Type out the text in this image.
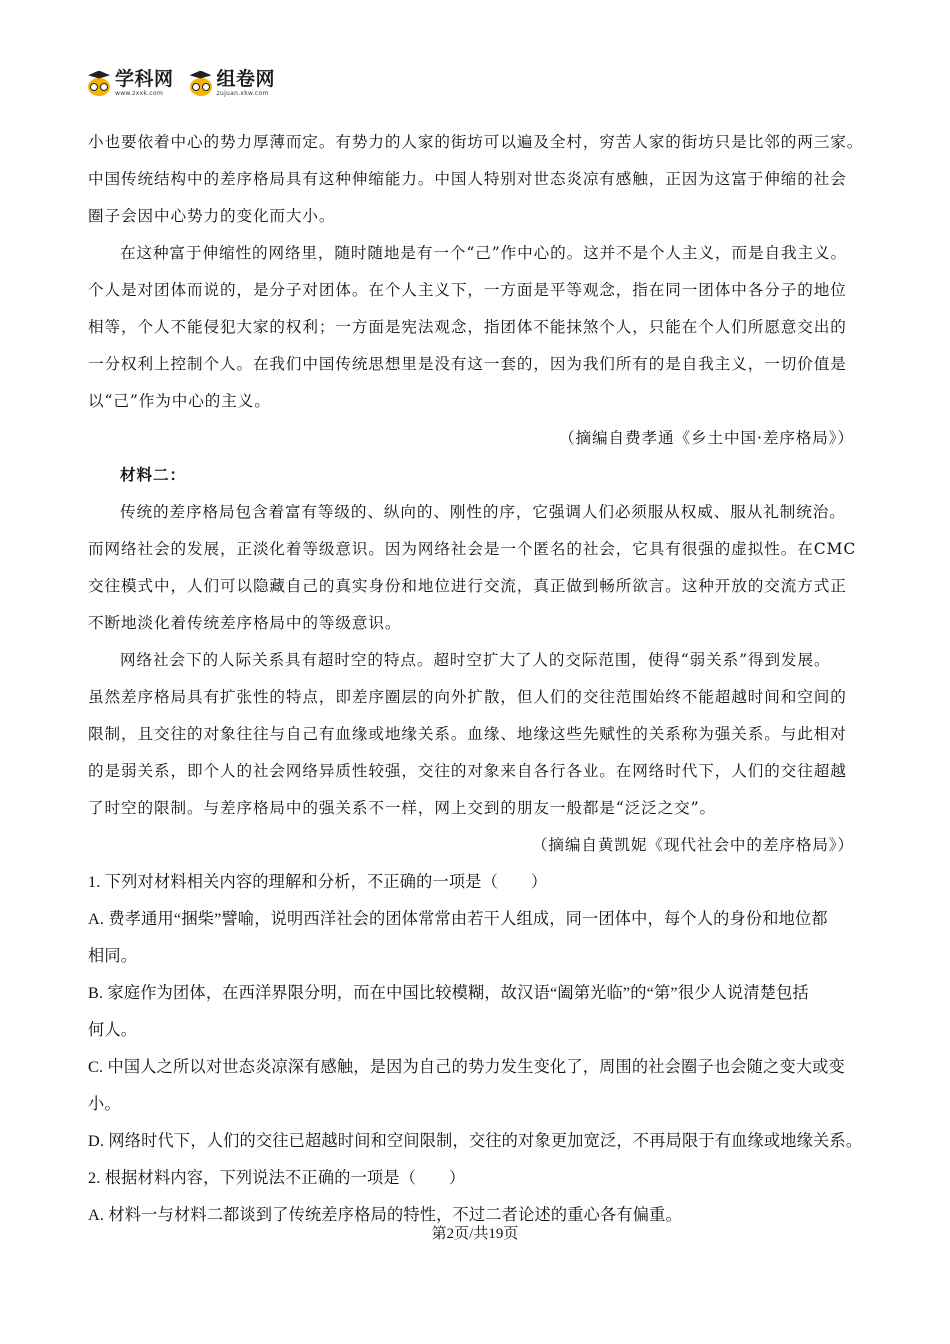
学科网
www.zxxk.com
组卷网
zujuan.xkw.com
小也要依着中心的势力厚薄而定。有势力的人家的街坊可以遍及全村，穷苦人家的街坊只是比邻的两三家。
中国传统结构中的差序格局具有这种伸缩能力。中国人特别对世态炎凉有感触，正因为这富于伸缩的社会
圈子会因中心势力的变化而大小。
在这种富于伸缩性的网络里，随时随地是有一个“己”作中心的。这并不是个人主义，而是自我主义。
个人是对团体而说的，是分子对团体。在个人主义下，一方面是平等观念，指在同一团体中各分子的地位
相等，个人不能侵犯大家的权利；一方面是宪法观念，指团体不能抹煞个人，只能在个人们所愿意交出的
一分权利上控制个人。在我们中国传统思想里是没有这一套的，因为我们所有的是自我主义，一切价值是
以“己”作为中心的主义。
（摘编自费孝通《乡土中国·差序格局》）
材料二：
传统的差序格局包含着富有等级的、纵向的、刚性的序，它强调人们必须服从权威、服从礼制统治。
而网络社会的发展，正淡化着等级意识。因为网络社会是一个匿名的社会，它具有很强的虚拟性。在CMC
交往模式中，人们可以隐藏自己的真实身份和地位进行交流，真正做到畅所欲言。这种开放的交流方式正
不断地淡化着传统差序格局中的等级意识。
网络社会下的人际关系具有超时空的特点。超时空扩大了人的交际范围，使得“弱关系”得到发展。
虽然差序格局具有扩张性的特点，即差序圈层的向外扩散，但人们的交往范围始终不能超越时间和空间的
限制，且交往的对象往往与自己有血缘或地缘关系。血缘、地缘这些先赋性的关系称为强关系。与此相对
的是弱关系，即个人的社会网络异质性较强，交往的对象来自各行各业。在网络时代下，人们的交往超越
了时空的限制。与差序格局中的强关系不一样，网上交到的朋友一般都是“泛泛之交”。
（摘编自黄凯妮《现代社会中的差序格局》）
1. 下列对材料相关内容的理解和分析，不正确的一项是（　　）
A. 费孝通用“捆柴”譬喻，说明西洋社会的团体常常由若干人组成，同一团体中，每个人的身份和地位都
相同。
B. 家庭作为团体，在西洋界限分明，而在中国比较模糊，故汉语“阖第光临”的“第”很少人说清楚包括
何人。
C. 中国人之所以对世态炎凉深有感触，是因为自己的势力发生变化了，周围的社会圈子也会随之变大或变
小。
D. 网络时代下，人们的交往已超越时间和空间限制，交往的对象更加宽泛，不再局限于有血缘或地缘关系。
2. 根据材料内容，下列说法不正确的一项是（　　）
A. 材料一与材料二都谈到了传统差序格局的特性，不过二者论述的重心各有偏重。
第2页/共19页
